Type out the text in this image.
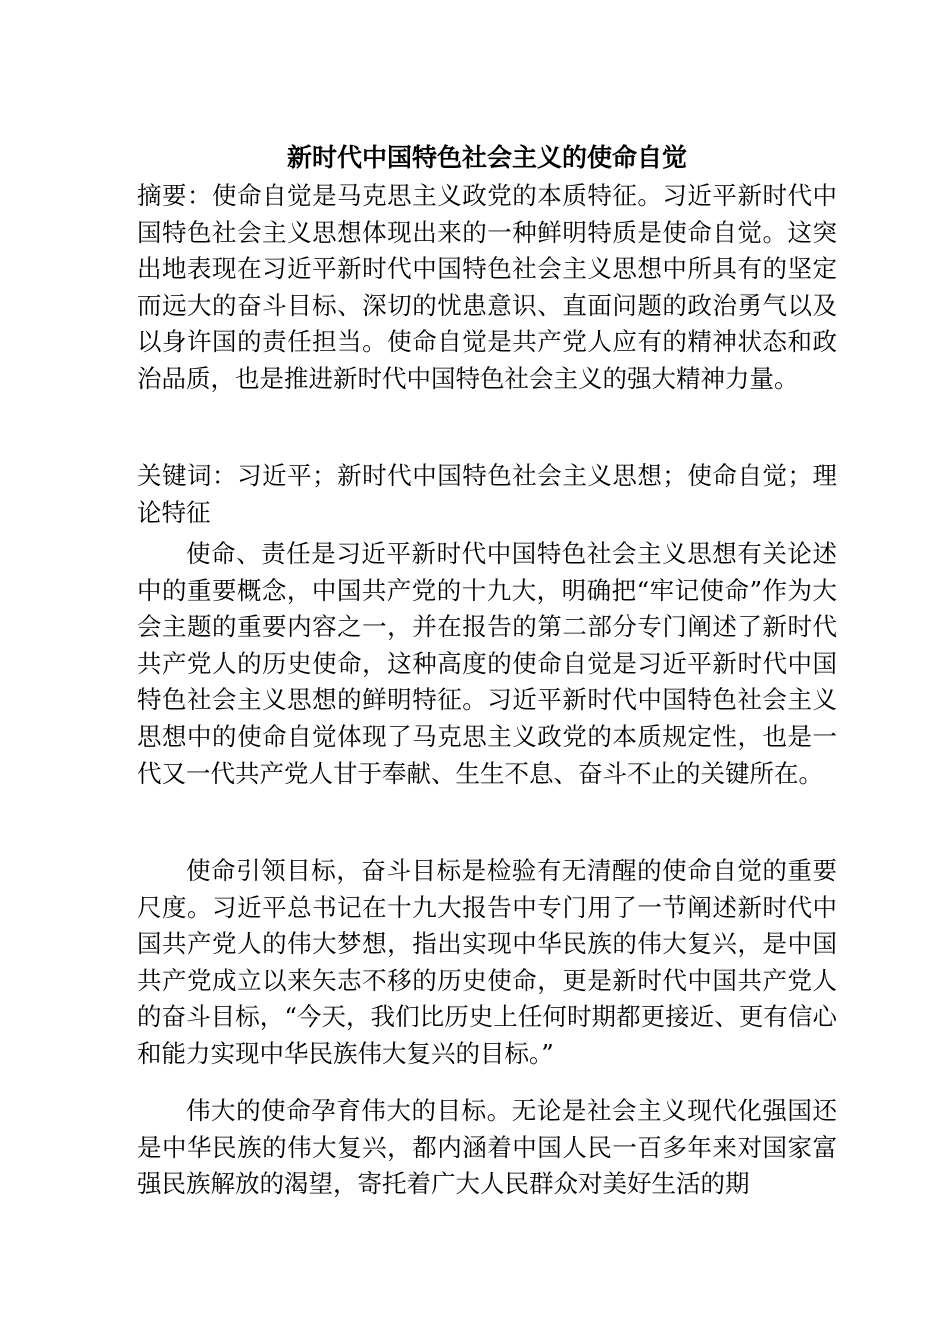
新时代中国特色社会主义的使命自觉

摘要：使命自觉是马克思主义政党的本质特征。习近平新时代中国特色社会主义思想体现出来的一种鲜明特质是使命自觉。这突出地表现在习近平新时代中国特色社会主义思想中所具有的坚定而远大的奋斗目标、深切的忧患意识、直面问题的政治勇气以及以身许国的责任担当。使命自觉是共产党人应有的精神状态和政治品质，也是推进新时代中国特色社会主义的强大精神力量。

关键词：习近平；新时代中国特色社会主义思想；使命自觉；理论特征

使命、责任是习近平新时代中国特色社会主义思想有关论述中的重要概念，中国共产党的十九大，明确把“牢记使命”作为大会主题的重要内容之一，并在报告的第二部分专门阐述了新时代共产党人的历史使命，这种高度的使命自觉是习近平新时代中国特色社会主义思想的鲜明特征。习近平新时代中国特色社会主义思想中的使命自觉体现了马克思主义政党的本质规定性，也是一代又一代共产党人甘于奉献、生生不息、奋斗不止的关键所在。

使命引领目标，奋斗目标是检验有无清醒的使命自觉的重要尺度。习近平总书记在十九大报告中专门用了一节阐述新时代中国共产党人的伟大梦想，指出实现中华民族的伟大复兴，是中国共产党成立以来矢志不移的历史使命，更是新时代中国共产党人的奋斗目标，“今天，我们比历史上任何时期都更接近、更有信心和能力实现中华民族伟大复兴的目标。”

伟大的使命孕育伟大的目标。无论是社会主义现代化强国还是中华民族的伟大复兴，都内涵着中国人民一百多年来对国家富强民族解放的渴望，寄托着广大人民群众对美好生活的期
